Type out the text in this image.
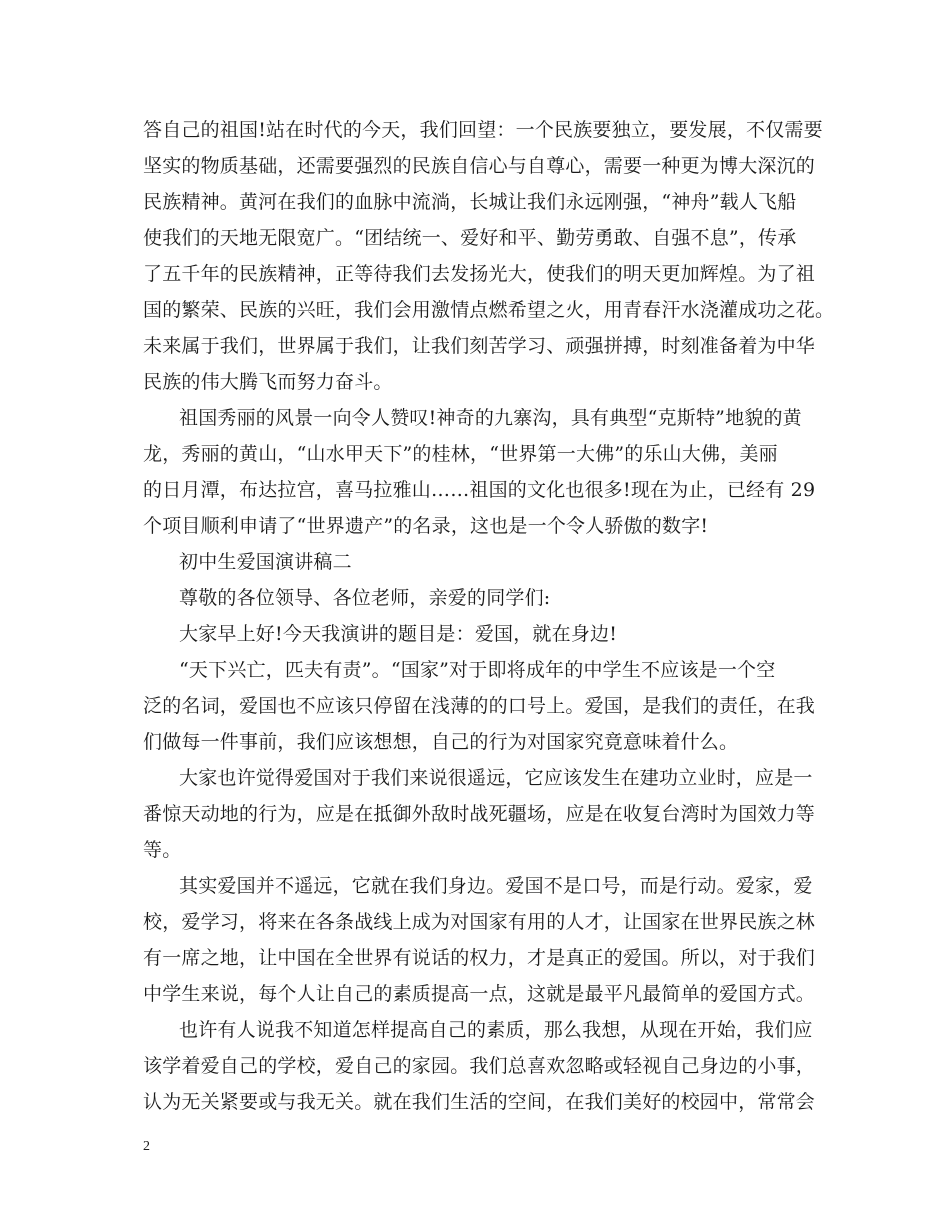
答自己的祖国!站在时代的今天，我们回望：一个民族要独立，要发展，不仅需要
坚实的物质基础，还需要强烈的民族自信心与自尊心，需要一种更为博大深沉的
民族精神。黄河在我们的血脉中流淌，长城让我们永远刚强，“神舟”载人飞船
使我们的天地无限宽广。“团结统一、爱好和平、勤劳勇敢、自强不息”，传承
了五千年的民族精神，正等待我们去发扬光大，使我们的明天更加辉煌。为了祖
国的繁荣、民族的兴旺，我们会用激情点燃希望之火，用青春汗水浇灌成功之花。
未来属于我们，世界属于我们，让我们刻苦学习、顽强拼搏，时刻准备着为中华
民族的伟大腾飞而努力奋斗。
祖国秀丽的风景一向令人赞叹!神奇的九寨沟，具有典型“克斯特”地貌的黄
龙，秀丽的黄山，“山水甲天下”的桂林，“世界第一大佛”的乐山大佛，美丽
的日月潭，布达拉宫，喜马拉雅山……祖国的文化也很多!现在为止，已经有 29
个项目顺利申请了“世界遗产”的名录，这也是一个令人骄傲的数字!
初中生爱国演讲稿二
尊敬的各位领导、各位老师，亲爱的同学们:
大家早上好!今天我演讲的题目是：爱国，就在身边!
“天下兴亡，匹夫有责”。“国家”对于即将成年的中学生不应该是一个空
泛的名词，爱国也不应该只停留在浅薄的的口号上。爱国，是我们的责任，在我
们做每一件事前，我们应该想想，自己的行为对国家究竟意味着什么。
大家也许觉得爱国对于我们来说很遥远，它应该发生在建功立业时，应是一
番惊天动地的行为，应是在抵御外敌时战死疆场，应是在收复台湾时为国效力等
等。
其实爱国并不遥远，它就在我们身边。爱国不是口号，而是行动。爱家，爱
校，爱学习，将来在各条战线上成为对国家有用的人才，让国家在世界民族之林
有一席之地，让中国在全世界有说话的权力，才是真正的爱国。所以，对于我们
中学生来说，每个人让自己的素质提高一点，这就是最平凡最简单的爱国方式。
也许有人说我不知道怎样提高自己的素质，那么我想，从现在开始，我们应
该学着爱自己的学校，爱自己的家园。我们总喜欢忽略或轻视自己身边的小事，
认为无关紧要或与我无关。就在我们生活的空间，在我们美好的校园中，常常会
2
